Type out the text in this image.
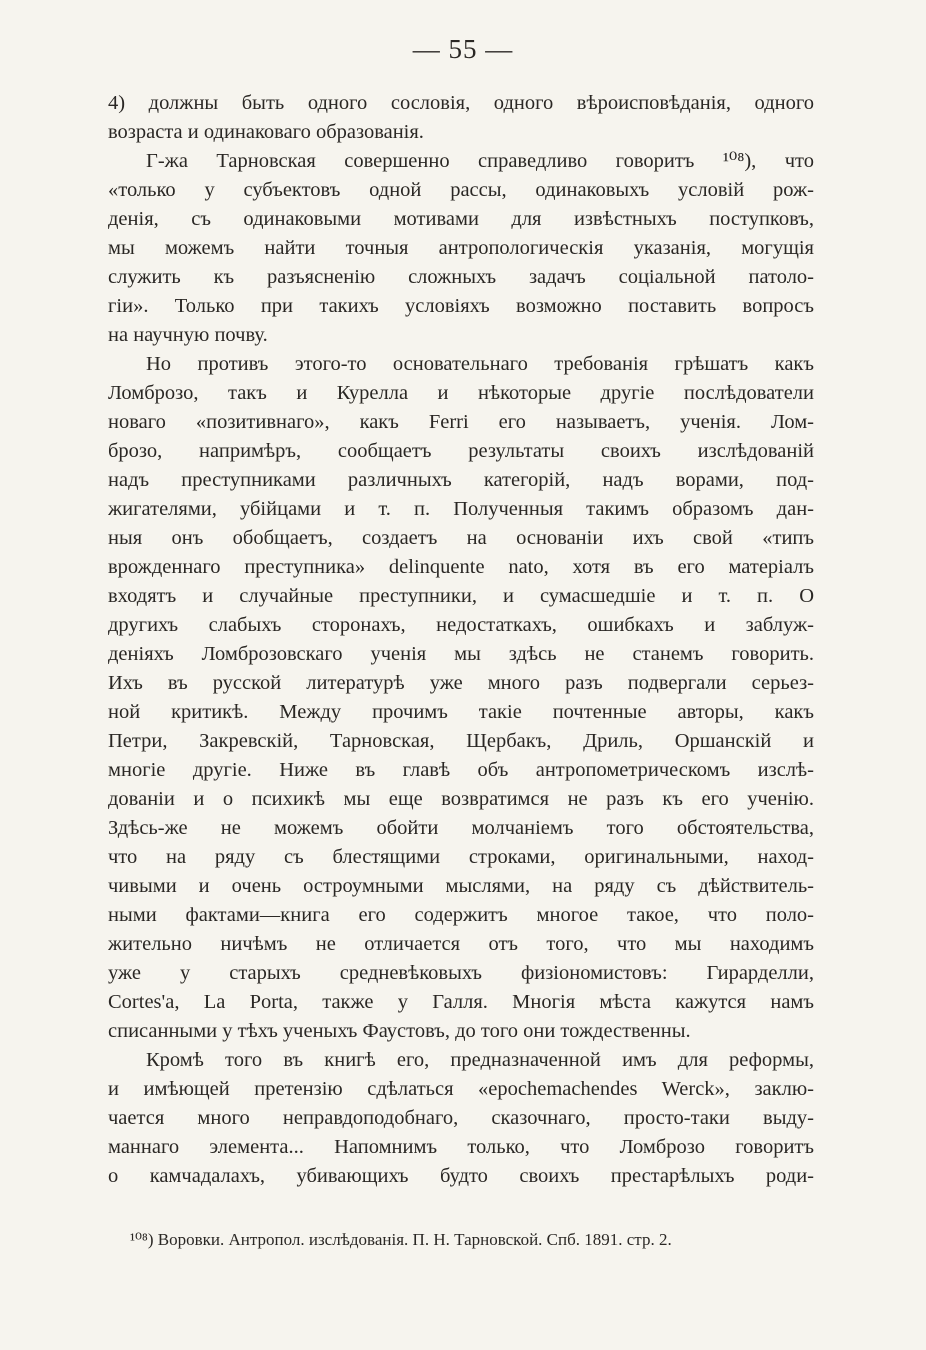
— 55 —
4) должны быть одного сословія, одного вѣроисповѣданія, одного
возраста и одинаковаго образованія.
Г-жа Тарновская совершенно справедливо говоритъ ¹⁰⁸), что
«только у субъектовъ одной рассы, одинаковыхъ условій рож-
денія, съ одинаковыми мотивами для извѣстныхъ поступковъ,
мы можемъ найти точныя антропологическія указанія, могущія
служить къ разъясненію сложныхъ задачъ соціальной патоло-
гіи». Только при такихъ условіяхъ возможно поставить вопросъ
на научную почву.
Но противъ этого-то основательнаго требованія грѣшатъ какъ
Ломброзо, такъ и Курелла и нѣкоторые другіе послѣдователи
новаго «позитивнаго», какъ Ferri его называетъ, ученія. Лом-
брозо, напримѣръ, сообщаетъ результаты своихъ изслѣдованій
надъ преступниками различныхъ категорій, надъ ворами, под-
жигателями, убійцами и т. п. Полученныя такимъ образомъ дан-
ныя онъ обобщаетъ, создаетъ на основаніи ихъ свой «типъ
врожденнаго преступника» delinquente nato, хотя въ его матеріалъ
входятъ и случайные преступники, и сумасшедшіе и т. п. О
другихъ слабыхъ сторонахъ, недостаткахъ, ошибкахъ и заблуж-
деніяхъ Ломброзовскаго ученія мы здѣсь не станемъ говорить.
Ихъ въ русской литературѣ уже много разъ подвергали серьез-
ной критикѣ. Между прочимъ такіе почтенные авторы, какъ
Петри, Закревскій, Тарновская, Щербакъ, Дриль, Оршанскій и
многіе другіе. Ниже въ главѣ объ антропометрическомъ изслѣ-
дованіи и о психикѣ мы еще возвратимся не разъ къ его ученію.
Здѣсь-же не можемъ обойти молчаніемъ того обстоятельства,
что на ряду съ блестящими строками, оригинальными, наход-
чивыми и очень остроумными мыслями, на ряду съ дѣйствитель-
ными фактами—книга его содержитъ многое такое, что поло-
жительно ничѣмъ не отличается отъ того, что мы находимъ
уже у старыхъ средневѣковыхъ физіономистовъ: Гирарделли,
Cortes'a, La Porta, также у Галля. Многія мѣста кажутся намъ
списанными у тѣхъ ученыхъ Фаустовъ, до того они тождественны.
Кромѣ того въ книгѣ его, предназначенной имъ для реформы,
и имѣющей претензію сдѣлаться «epochemachendes Werck», заклю-
чается много неправдоподобнаго, сказочнаго, просто-таки выду-
маннаго элемента... Напомнимъ только, что Ломброзо говоритъ
о камчадалахъ, убивающихъ будто своихъ престарѣлыхъ роди-
¹⁰⁸) Воровки. Антропол. изслѣдованія. П. Н. Тарновской. Спб. 1891. стр. 2.
